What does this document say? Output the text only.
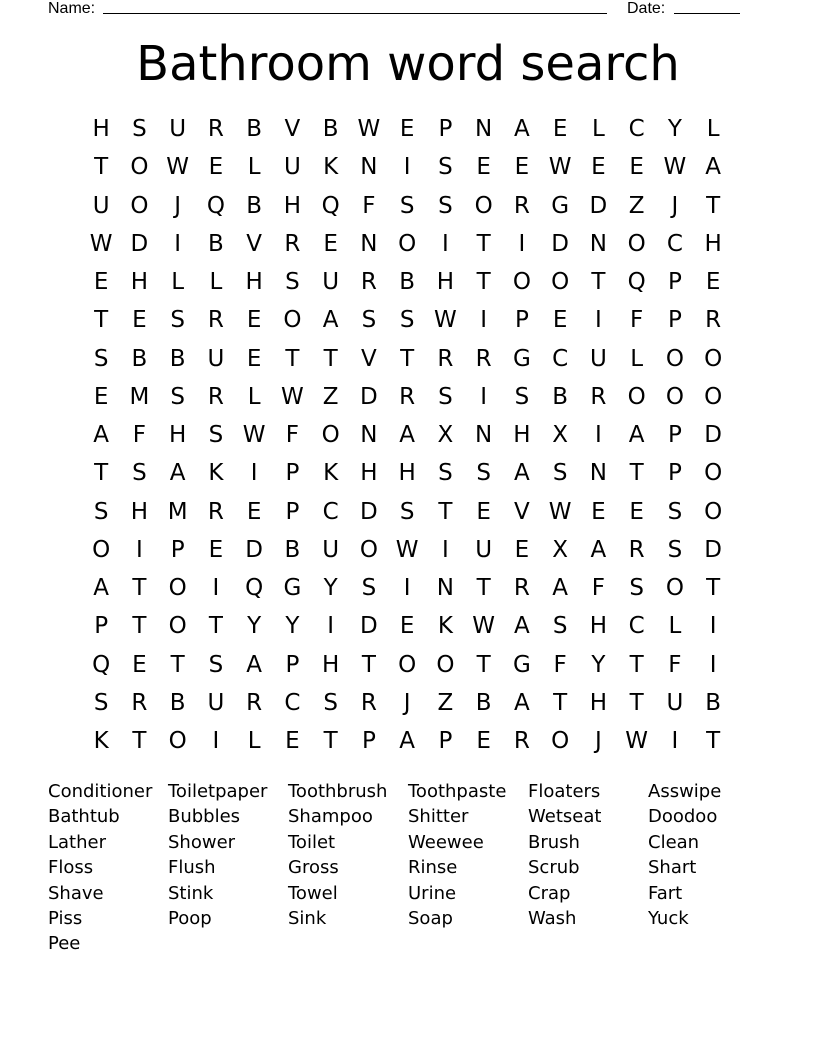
Name:	Date:
Bathroom word search
H S U R B V B W E	P N A	E	L	C	Y	L
T O W E	L	U K N	I	S	E	E W E	E W A
U O	J	Q B H Q F	S	S O R G D Z	J	T
W D	I	B V R E N O	I	T	I	D N O C H
E H	L	L	H S U R B H T O O T Q P	E
T	E	S R E O A	S	S W	I	P	E	I	F	P	R
S	B B U E	T	T	V	T	R R G C U	L O O
E M S R	L W Z D R S	I	S	B R O O O
A	F H S W F O N A X N H X	I	A	P D
T	S	A K	I	P	K H H S	S	A	S N T	P O
S H M R E	P	C D S	T	E	V W E	E	S O
O	I	P	E D B U O W	I	U E	X A R S D
A	T O	I	Q G Y	S	I	N T	R A	F	S O T
P	T O T	Y	Y	I	D E	K W A	S H C	L	I
Q E	T	S	A	P H T O O T G F	Y	T	F	I
S R B U R C S R	J	Z B A	T H T U B
K	T O	I	L	E	T	P	A	P	E R O	J	W	I	T
Conditioner Toiletpaper	Toothbrush	Toothpaste	Floaters	Asswipe
Bathtub	Bubbles	Shampoo	Shitter	Wetseat	Doodoo
Lather	Shower	Toilet	Weewee	Brush	Clean
Floss	Flush	Gross	Rinse	Scrub	Shart
Shave	Stink	Towel	Urine	Crap	Fart
Piss	Poop	Sink	Soap	Wash	Yuck
Pee
